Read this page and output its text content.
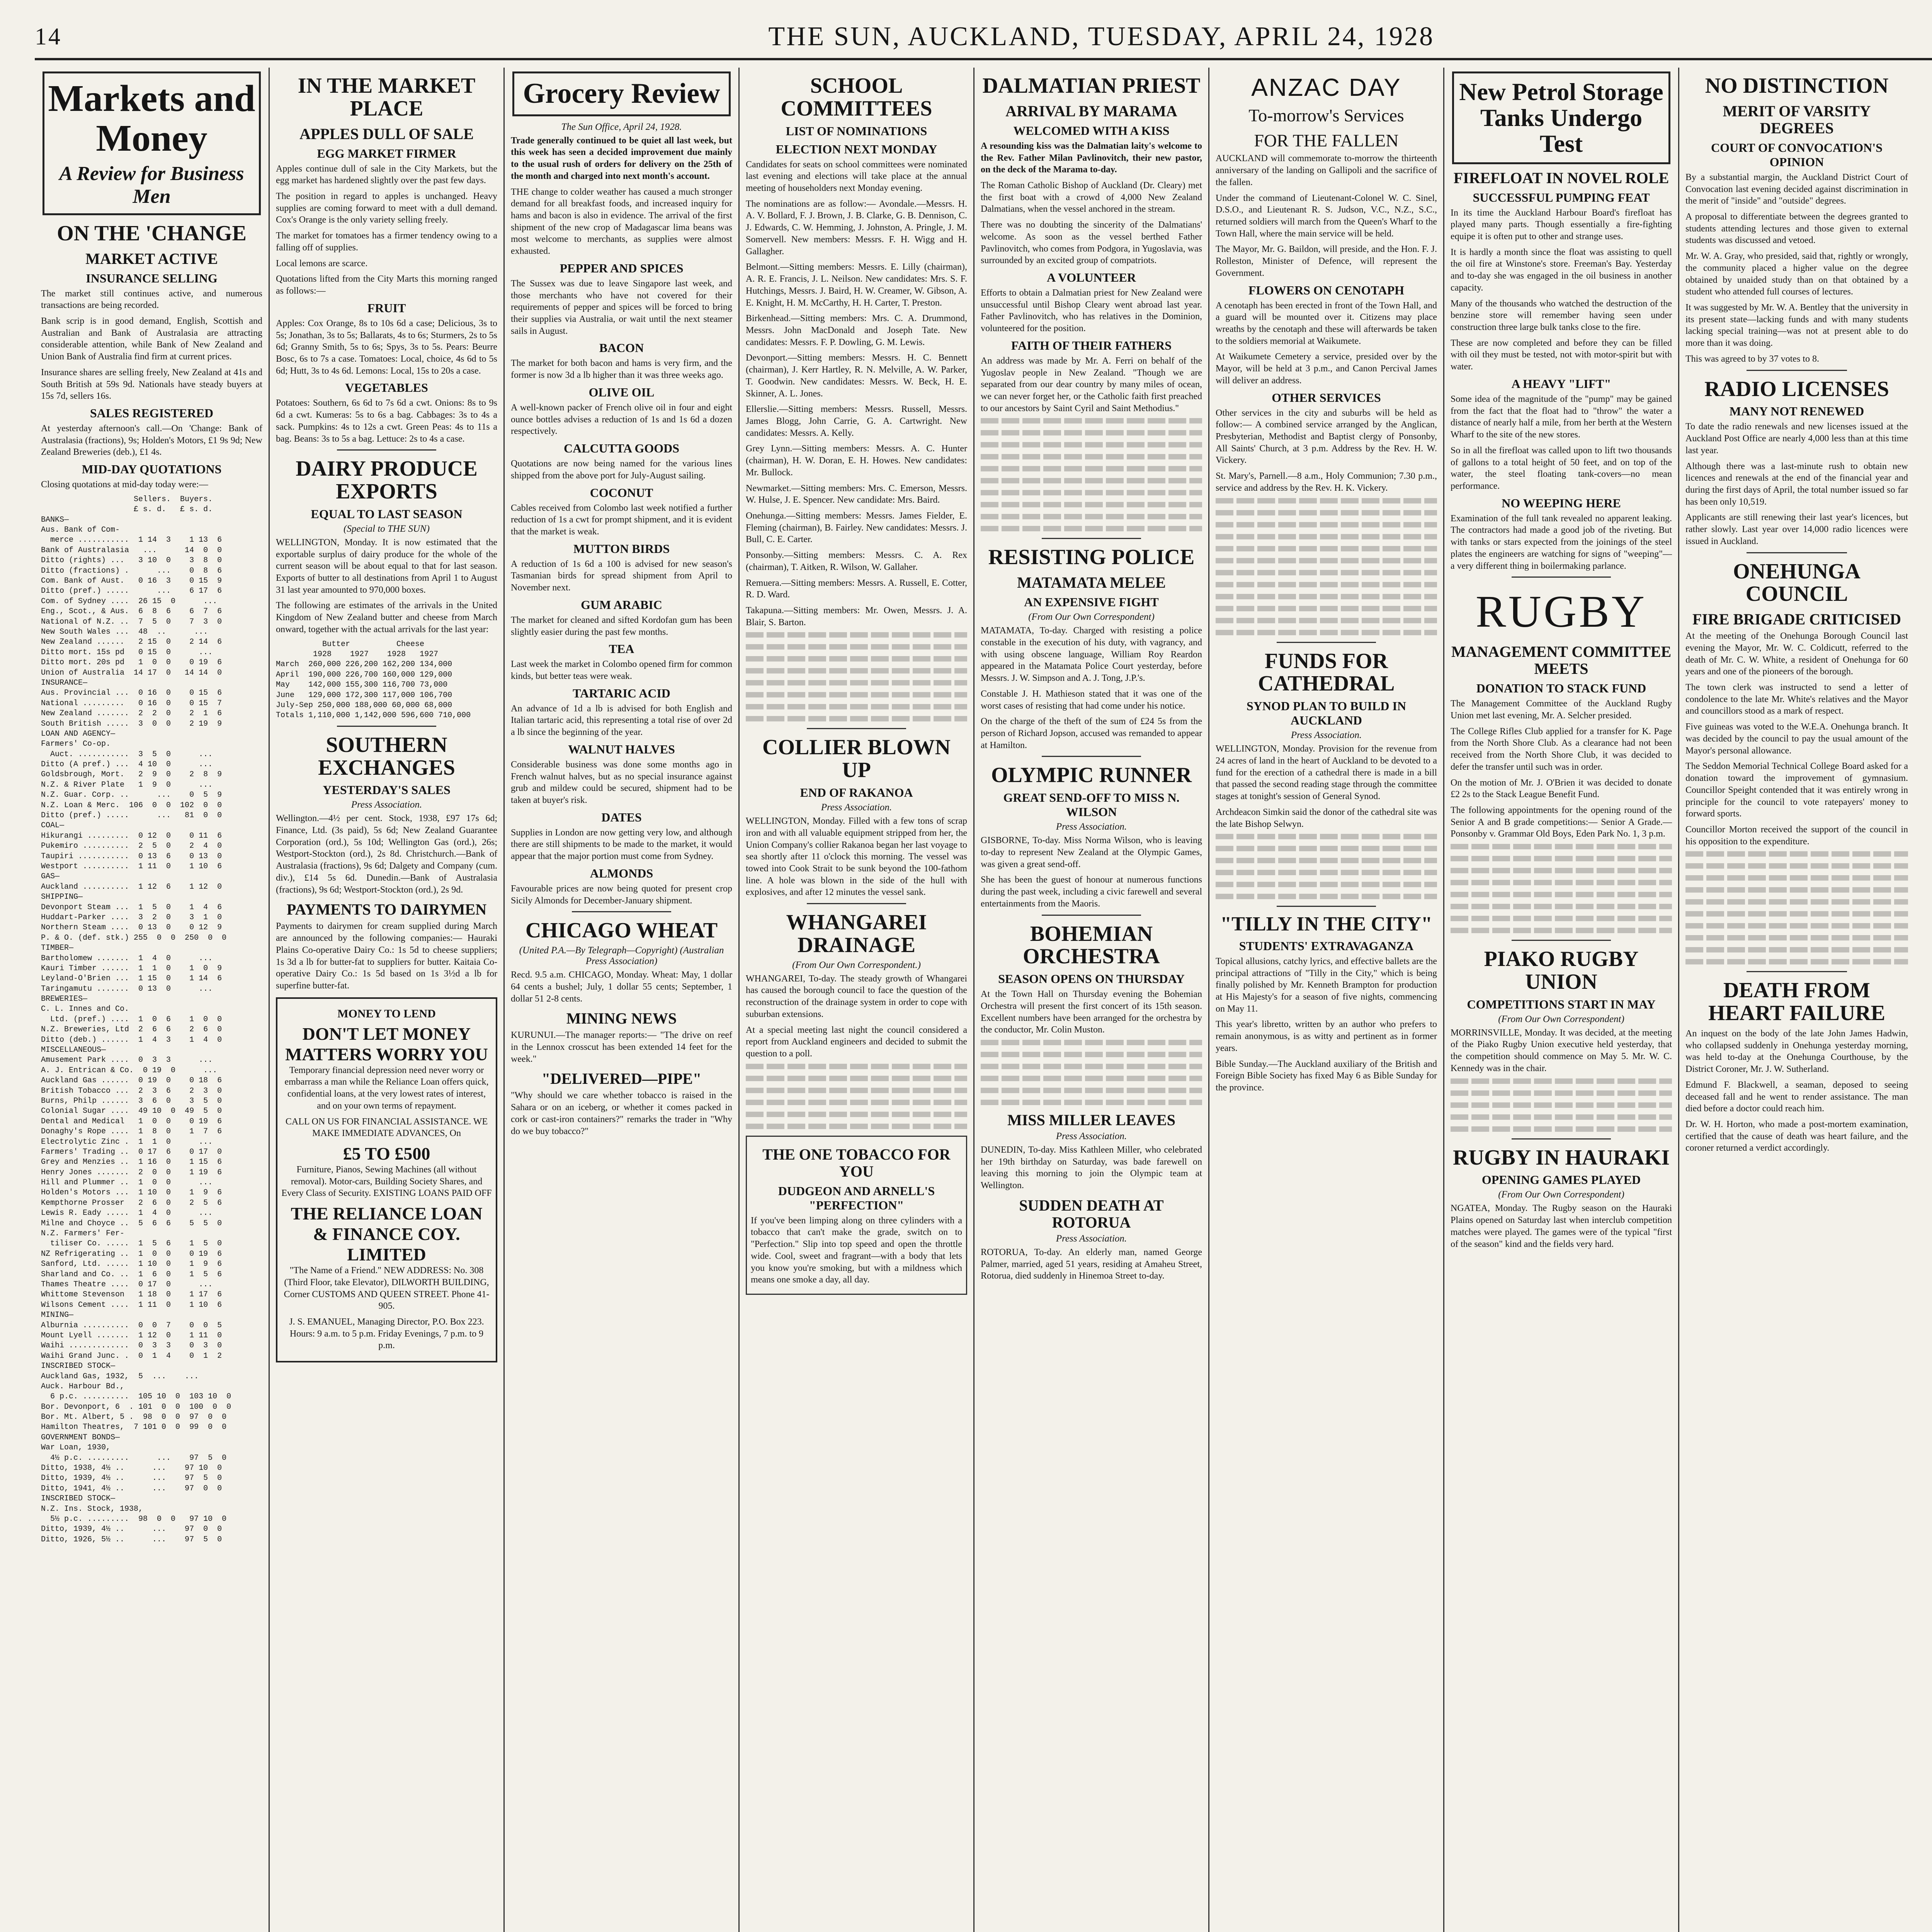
14	THE SUN, AUCKLAND, TUESDAY, APRIL 24, 1928

Markets and Money
A Review for Business Men
ON THE 'CHANGE
MARKET ACTIVE
INSURANCE SELLING

The market still continues active, and numerous transactions are being recorded.

Bank scrip is in good demand, English, Scottish and Australian and Bank of Australasia are attracting considerable attention, while Bank of New Zealand and Union Bank of Australia find firm at current prices.

Insurance shares are selling freely, New Zealand at 41s and South British at 59s 9d. Nationals have steady buyers at 15s 7d, sellers 16s.

SALES REGISTERED

At yesterday afternoon's call.—On 'Change: Bank of Australasia (fractions), 9s; Holden's Motors, £1 9s 9d; New Zealand Breweries (deb.), £1 4s.

MID-DAY QUOTATIONS

Closing quotations at mid-day today were:—

Sellers.  Buyers.
£ s. d.   £ s. d.
BANKS—
Aus. Bank of Com-
merce ...........  1 14  3    1 13  6
Bank of Australasia   ...      14  0  0
Ditto (rights) ...   3 10  0    3  8  0
Ditto (fractions) .      ...    0  8  6
Com. Bank of Aust.   0 16  3    0 15  9
Ditto (pref.) .....      ...    6 17  6
Com. of Sydney ....  26 15  0      ...
Eng., Scot., & Aus.  6  8  6    6  7  6
National of N.Z. ..  7  5  0    7  3  0
New South Wales ...  48  ..      ...
New Zealand ......   2 15  0    2 14  6
Ditto mort. 15s pd   0 15  0      ...
Ditto mort. 20s pd   1  0  0    0 19  6
Union of Australia  14 17  0   14 14  0
INSURANCE—
Aus. Provincial ...  0 16  0    0 15  6
National .........   0 16  0    0 15  7
New Zealand .......  2  2  0    2  1  6
South British .....  3  0  0    2 19  9
LOAN AND AGENCY—
Farmers' Co-op.
Auct. ...........  3  5  0      ...
Ditto (A pref.) ...  4 10  0      ...
Goldsbrough, Mort.   2  9  0    2  8  9
N.Z. & River Plate   1  9  0      ...
N.Z. Guar. Corp. ..      ...    0  5  9
N.Z. Loan & Merc.  106  0  0  102  0  0
Ditto (pref.) .....      ...   81  0  0
COAL—
Hikurangi .........  0 12  0    0 11  6
Pukemiro ..........  2  5  0    2  4  0
Taupiri ...........  0 13  6    0 13  0
Westport ..........  1 11  0    1 10  6
GAS—
Auckland ..........  1 12  6    1 12  0
SHIPPING—
Devonport Steam ...  1  5  0    1  4  6
Huddart-Parker ....  3  2  0    3  1  0
Northern Steam ....  0 13  0    0 12  9
P. & O. (def. stk.) 255  0  0  250  0  0
TIMBER—
Bartholomew .......  1  4  0      ...
Kauri Timber ......  1  1  0    1  0  9
Leyland-O'Brien ...  1 15  0    1 14  6
Taringamutu .......  0 13  0      ...
BREWERIES—
C. L. Innes and Co.
Ltd. (pref.) ....  1  0  6    1  0  0
N.Z. Breweries, Ltd  2  6  6    2  6  0
Ditto (deb.) ......  1  4  3    1  4  0
MISCELLANEOUS—
Amusement Park ....  0  3  3      ...
A. J. Entrican & Co.  0 19  0      ...
Auckland Gas ......  0 19  0    0 18  6
British Tobacco ...  2  3  6    2  3  0
Burns, Philp ......  3  6  0    3  5  0
Colonial Sugar ....  49 10  0  49  5  0
Dental and Medical   1  0  0    0 19  6
Donaghy's Rope ....  1  8  0    1  7  6
Electrolytic Zinc .  1  1  0      ...
Farmers' Trading ..  0 17  6    0 17  0
Grey and Menzies ..  1 16  0    1 15  6
Henry Jones .......  2  0  0    1 19  6
Hill and Plummer ..  1  0  0      ...
Holden's Motors ...  1 10  0    1  9  6
Kempthorne Prosser   2  6  0    2  5  6
Lewis R. Eady .....  1  4  0      ...
Milne and Choyce ..  5  6  6    5  5  0
N.Z. Farmers' Fer-
tiliser Co. .....  1  5  6    1  5  0
NZ Refrigerating ..  1  0  0    0 19  6
Sanford, Ltd. .....  1 10  0    1  9  6
Sharland and Co. ..  1  6  0    1  5  6
Thames Theatre ....  0 17  0      ...
Whittome Stevenson   1 18  0    1 17  6
Wilsons Cement ....  1 11  0    1 10  6
MINING—
Alburnia ..........  0  0  7    0  0  5
Mount Lyell .......  1 12  0    1 11  0
Waihi .............  0  3  3    0  3  0
Waihi Grand Junc. .  0  1  4    0  1  2
INSCRIBED STOCK—
Auckland Gas, 1932,  5  ...    ...
Auck. Harbour Bd.,
6 p.c. ..........  105 10  0  103 10  0
Bor. Devonport, 6  . 101  0  0  100  0  0
Bor. Mt. Albert, 5 .  98  0  0  97  0  0
Hamilton Theatres,  7 101 0  0  99  0  0
GOVERNMENT BONDS—
War Loan, 1930,
4½ p.c. .........      ...    97  5  0
Ditto, 1938, 4½ ..      ...    97 10  0
Ditto, 1939, 4½ ..      ...    97  5  0
Ditto, 1941, 4½ ..      ...    97  0  0
INSCRIBED STOCK—
N.Z. Ins. Stock, 1938,
5½ p.c. .........  98  0  0   97 10  0
Ditto, 1939, 4½ ..      ...    97  0  0
Ditto, 1926, 5½ ..      ...    97  5  0
IN THE MARKET PLACE
APPLES DULL OF SALE
EGG MARKET FIRMER

Apples continue dull of sale in the City Markets, but the egg market has hardened slightly over the past few days.

The position in regard to apples is unchanged. Heavy supplies are coming forward to meet with a dull demand. Cox's Orange is the only variety selling freely.

The market for tomatoes has a firmer tendency owing to a falling off of supplies.

Local lemons are scarce.

Quotations lifted from the City Marts this morning ranged as follows:—

FRUIT

Apples: Cox Orange, 8s to 10s 6d a case; Delicious, 3s to 5s; Jonathan, 3s to 5s; Ballarats, 4s to 6s; Sturmers, 2s to 5s 6d; Granny Smith, 5s to 6s; Spys, 3s to 5s. Pears: Beurre Bosc, 6s to 7s a case. Tomatoes: Local, choice, 4s 6d to 5s 6d; Hutt, 3s to 4s 6d. Lemons: Local, 15s to 20s a case.

VEGETABLES

Potatoes: Southern, 6s 6d to 7s 6d a cwt. Onions: 8s to 9s 6d a cwt. Kumeras: 5s to 6s a bag. Cabbages: 3s to 4s a sack. Pumpkins: 4s to 12s a cwt. Green Peas: 4s to 11s a bag. Beans: 3s to 5s a bag. Lettuce: 2s to 4s a case.

DAIRY PRODUCE EXPORTS
EQUAL TO LAST SEASON
(Special to THE SUN)

WELLINGTON, Monday. It is now estimated that the exportable surplus of dairy produce for the whole of the current season will be about equal to that for last season. Exports of butter to all destinations from April 1 to August 31 last year amounted to 970,000 boxes.

The following are estimates of the arrivals in the United Kingdom of New Zealand butter and cheese from March onward, together with the actual arrivals for the last year:

Butter          Cheese
1928    1927    1928   1927
March  260,000 226,200 162,200 134,000
April  190,000 226,700 160,000 129,000
May    142,000 155,300 116,700 73,000
June   129,000 172,300 117,000 106,700
July-Sep 250,000 188,000 60,000 68,000
Totals 1,110,000 1,142,000 596,600 710,000
SOUTHERN EXCHANGES
YESTERDAY'S SALES
Press Association.

Wellington.—4½ per cent. Stock, 1938, £97 17s 6d; Finance, Ltd. (3s paid), 5s 6d; New Zealand Guarantee Corporation (ord.), 5s 10d; Wellington Gas (ord.), 26s; Westport-Stockton (ord.), 2s 8d. Christchurch.—Bank of Australasia (fractions), 9s 6d; Dalgety and Company (cum. div.), £14 5s 6d. Dunedin.—Bank of Australasia (fractions), 9s 6d; Westport-Stockton (ord.), 2s 9d.

PAYMENTS TO DAIRYMEN

Payments to dairymen for cream supplied during March are announced by the following companies:— Hauraki Plains Co-operative Dairy Co.: 1s 5d to cheese suppliers; 1s 3d a lb for butter-fat to suppliers for butter. Kaitaia Co-operative Dairy Co.: 1s 5d based on 1s 3½d a lb for superfine butter-fat.

MONEY TO LEND
DON'T LET MONEY MATTERS WORRY YOU

Temporary financial depression need never worry or embarrass a man while the Reliance Loan offers quick, confidential loans, at the very lowest rates of interest, and on your own terms of repayment.

CALL ON US FOR FINANCIAL ASSISTANCE. WE MAKE IMMEDIATE ADVANCES, On

£5 TO £500

Furniture, Pianos, Sewing Machines (all without removal). Motor-cars, Building Society Shares, and Every Class of Security. EXISTING LOANS PAID OFF

THE RELIANCE LOAN & FINANCE COY. LIMITED

"The Name of a Friend." NEW ADDRESS: No. 308 (Third Floor, take Elevator), DILWORTH BUILDING, Corner CUSTOMS AND QUEEN STREET. Phone 41-905.

J. S. EMANUEL, Managing Director, P.O. Box 223. Hours: 9 a.m. to 5 p.m. Friday Evenings, 7 p.m. to 9 p.m.

Grocery Review
The Sun Office, April 24, 1928.

Trade generally continued to be quiet all last week, but this week has seen a decided improvement due mainly to the usual rush of orders for delivery on the 25th of the month and charged into next month's account.

THE change to colder weather has caused a much stronger demand for all breakfast foods, and increased inquiry for hams and bacon is also in evidence. The arrival of the first shipment of the new crop of Madagascar lima beans was most welcome to merchants, as supplies were almost exhausted.

PEPPER AND SPICES

The Sussex was due to leave Singapore last week, and those merchants who have not covered for their requirements of pepper and spices will be forced to bring their supplies via Australia, or wait until the next steamer sails in August.

BACON

The market for both bacon and hams is very firm, and the former is now 3d a lb higher than it was three weeks ago.

OLIVE OIL

A well-known packer of French olive oil in four and eight ounce bottles advises a reduction of 1s and 1s 6d a dozen respectively.

CALCUTTA GOODS

Quotations are now being named for the various lines shipped from the above port for July-August sailing.

COCONUT

Cables received from Colombo last week notified a further reduction of 1s a cwt for prompt shipment, and it is evident that the market is weak.

MUTTON BIRDS

A reduction of 1s 6d a 100 is advised for new season's Tasmanian birds for spread shipment from April to November next.

GUM ARABIC

The market for cleaned and sifted Kordofan gum has been slightly easier during the past few months.

TEA

Last week the market in Colombo opened firm for common kinds, but better teas were weak.

TARTARIC ACID

An advance of 1d a lb is advised for both English and Italian tartaric acid, this representing a total rise of over 2d a lb since the beginning of the year.

WALNUT HALVES

Considerable business was done some months ago in French walnut halves, but as no special insurance against grub and mildew could be secured, shipment had to be taken at buyer's risk.

DATES

Supplies in London are now getting very low, and although there are still shipments to be made to the market, it would appear that the major portion must come from Sydney.

ALMONDS

Favourable prices are now being quoted for present crop Sicily Almonds for December-January shipment.

CHICAGO WHEAT
(United P.A.—By Telegraph—Copyright) (Australian Press Association)

Recd. 9.5 a.m. CHICAGO, Monday. Wheat: May, 1 dollar 64 cents a bushel; July, 1 dollar 55 cents; September, 1 dollar 51 2-8 cents.

MINING NEWS

KURUNUI.—The manager reports:— "The drive on reef in the Lennox crosscut has been extended 14 feet for the week."

"DELIVERED—PIPE"

"Why should we care whether tobacco is raised in the Sahara or on an iceberg, or whether it comes packed in cork or cast-iron containers?" remarks the trader in "Why do we buy tobacco?"

SCHOOL COMMITTEES
LIST OF NOMINATIONS
ELECTION NEXT MONDAY

Candidates for seats on school committees were nominated last evening and elections will take place at the annual meeting of householders next Monday evening.

The nominations are as follow:— Avondale.—Messrs. H. A. V. Bollard, F. J. Brown, J. B. Clarke, G. B. Dennison, C. J. Edwards, C. W. Hemming, J. Johnston, A. Pringle, J. M. Somervell. New members: Messrs. F. H. Wigg and H. Gallagher.

Belmont.—Sitting members: Messrs. E. Lilly (chairman), A. R. E. Francis, J. L. Neilson. New candidates: Mrs. S. F. Hutchings, Messrs. J. Baird, H. W. Creamer, W. Gibson, A. E. Knight, H. M. McCarthy, H. H. Carter, T. Preston.

Birkenhead.—Sitting members: Mrs. C. A. Drummond, Messrs. John MacDonald and Joseph Tate. New candidates: Messrs. F. P. Dowling, G. M. Lewis.

Devonport.—Sitting members: Messrs. H. C. Bennett (chairman), J. Kerr Hartley, R. N. Melville, A. W. Parker, T. Goodwin. New candidates: Messrs. W. Beck, H. E. Skinner, A. L. Jones.

Ellerslie.—Sitting members: Messrs. Russell, Messrs. James Blogg, John Carrie, G. A. Cartwright. New candidates: Messrs. A. Kelly.

Grey Lynn.—Sitting members: Messrs. A. C. Hunter (chairman), H. W. Doran, E. H. Howes. New candidates: Mr. Bullock.

Newmarket.—Sitting members: Mrs. C. Emerson, Messrs. W. Hulse, J. E. Spencer. New candidate: Mrs. Baird.

Onehunga.—Sitting members: Messrs. James Fielder, E. Fleming (chairman), B. Fairley. New candidates: Messrs. J. Bull, C. E. Carter.

Ponsonby.—Sitting members: Messrs. C. A. Rex (chairman), T. Aitken, R. Wilson, W. Gallaher.

Remuera.—Sitting members: Messrs. A. Russell, E. Cotter, R. D. Ward.

Takapuna.—Sitting members: Mr. Owen, Messrs. J. A. Blair, S. Barton.

COLLIER BLOWN UP
END OF RAKANOA
Press Association.

WELLINGTON, Monday. Filled with a few tons of scrap iron and with all valuable equipment stripped from her, the Union Company's collier Rakanoa began her last voyage to sea shortly after 11 o'clock this morning. The vessel was towed into Cook Strait to be sunk beyond the 100-fathom line. A hole was blown in the side of the hull with explosives, and after 12 minutes the vessel sank.

WHANGAREI DRAINAGE
(From Our Own Correspondent.)

WHANGAREI, To-day. The steady growth of Whangarei has caused the borough council to face the question of the reconstruction of the drainage system in order to cope with suburban extensions.

At a special meeting last night the council considered a report from Auckland engineers and decided to submit the question to a poll.

THE ONE TOBACCO FOR YOU
DUDGEON AND ARNELL'S "PERFECTION"

If you've been limping along on three cylinders with a tobacco that can't make the grade, switch on to "Perfection." Slip into top speed and open the throttle wide. Cool, sweet and fragrant—with a body that lets you know you're smoking, but with a mildness which means one smoke a day, all day.

DALMATIAN PRIEST
ARRIVAL BY MARAMA
WELCOMED WITH A KISS

A resounding kiss was the Dalmatian laity's welcome to the Rev. Father Milan Pavlinovitch, their new pastor, on the deck of the Marama to-day.

The Roman Catholic Bishop of Auckland (Dr. Cleary) met the first boat with a crowd of 4,000 New Zealand Dalmatians, when the vessel anchored in the stream.

There was no doubting the sincerity of the Dalmatians' welcome. As soon as the vessel berthed Father Pavlinovitch, who comes from Podgora, in Yugoslavia, was surrounded by an excited group of compatriots.

A VOLUNTEER

Efforts to obtain a Dalmatian priest for New Zealand were unsuccessful until Bishop Cleary went abroad last year. Father Pavlinovitch, who has relatives in the Dominion, volunteered for the position.

FAITH OF THEIR FATHERS

An address was made by Mr. A. Ferri on behalf of the Yugoslav people in New Zealand. "Though we are separated from our dear country by many miles of ocean, we can never forget her, or the Catholic faith first preached to our ancestors by Saint Cyril and Saint Methodius."

RESISTING POLICE
MATAMATA MELEE
AN EXPENSIVE FIGHT
(From Our Own Correspondent)

MATAMATA, To-day. Charged with resisting a police constable in the execution of his duty, with vagrancy, and with using obscene language, William Roy Reardon appeared in the Matamata Police Court yesterday, before Messrs. J. W. Simpson and A. J. Tong, J.P.'s.

Constable J. H. Mathieson stated that it was one of the worst cases of resisting that had come under his notice.

On the charge of the theft of the sum of £24 5s from the person of Richard Jopson, accused was remanded to appear at Hamilton.

OLYMPIC RUNNER
GREAT SEND-OFF TO MISS N. WILSON
Press Association.

GISBORNE, To-day. Miss Norma Wilson, who is leaving to-day to represent New Zealand at the Olympic Games, was given a great send-off.

She has been the guest of honour at numerous functions during the past week, including a civic farewell and several entertainments from the Maoris.

BOHEMIAN ORCHESTRA
SEASON OPENS ON THURSDAY

At the Town Hall on Thursday evening the Bohemian Orchestra will present the first concert of its 15th season. Excellent numbers have been arranged for the orchestra by the conductor, Mr. Colin Muston.

MISS MILLER LEAVES
Press Association.

DUNEDIN, To-day. Miss Kathleen Miller, who celebrated her 19th birthday on Saturday, was bade farewell on leaving this morning to join the Olympic team at Wellington.

SUDDEN DEATH AT ROTORUA
Press Association.

ROTORUA, To-day. An elderly man, named George Palmer, married, aged 51 years, residing at Amaheu Street, Rotorua, died suddenly in Hinemoa Street to-day.

ANZAC DAY
To-morrow's Services
FOR THE FALLEN

AUCKLAND will commemorate to-morrow the thirteenth anniversary of the landing on Gallipoli and the sacrifice of the fallen.

Under the command of Lieutenant-Colonel W. C. Sinel, D.S.O., and Lieutenant R. S. Judson, V.C., N.Z., S.C., returned soldiers will march from the Queen's Wharf to the Town Hall, where the main service will be held.

The Mayor, Mr. G. Baildon, will preside, and the Hon. F. J. Rolleston, Minister of Defence, will represent the Government.

FLOWERS ON CENOTAPH

A cenotaph has been erected in front of the Town Hall, and a guard will be mounted over it. Citizens may place wreaths by the cenotaph and these will afterwards be taken to the soldiers memorial at Waikumete.

At Waikumete Cemetery a service, presided over by the Mayor, will be held at 3 p.m., and Canon Percival James will deliver an address.

OTHER SERVICES

Other services in the city and suburbs will be held as follow:— A combined service arranged by the Anglican, Presbyterian, Methodist and Baptist clergy of Ponsonby, All Saints' Church, at 3 p.m. Address by the Rev. H. W. Vickery.

St. Mary's, Parnell.—8 a.m., Holy Communion; 7.30 p.m., service and address by the Rev. H. K. Vickery.

FUNDS FOR CATHEDRAL
SYNOD PLAN TO BUILD IN AUCKLAND
Press Association.

WELLINGTON, Monday. Provision for the revenue from 24 acres of land in the heart of Auckland to be devoted to a fund for the erection of a cathedral there is made in a bill that passed the second reading stage through the committee stages at tonight's session of General Synod.

Archdeacon Simkin said the donor of the cathedral site was the late Bishop Selwyn.

"TILLY IN THE CITY"
STUDENTS' EXTRAVAGANZA

Topical allusions, catchy lyrics, and effective ballets are the principal attractions of "Tilly in the City," which is being finally polished by Mr. Kenneth Brampton for production at His Majesty's for a season of five nights, commencing on May 11.

This year's libretto, written by an author who prefers to remain anonymous, is as witty and pertinent as in former years.

Bible Sunday.—The Auckland auxiliary of the British and Foreign Bible Society has fixed May 6 as Bible Sunday for the province.

New Petrol Storage Tanks Undergo Test
FIREFLOAT IN NOVEL ROLE
SUCCESSFUL PUMPING FEAT

In its time the Auckland Harbour Board's firefloat has played many parts. Though essentially a fire-fighting equipe it is often put to other and strange uses.

It is hardly a month since the float was assisting to quell the oil fire at Winstone's store. Freeman's Bay. Yesterday and to-day she was engaged in the oil business in another capacity.

Many of the thousands who watched the destruction of the benzine store will remember having seen under construction three large bulk tanks close to the fire.

These are now completed and before they can be filled with oil they must be tested, not with motor-spirit but with water.

A HEAVY "LIFT"

Some idea of the magnitude of the "pump" may be gained from the fact that the float had to "throw" the water a distance of nearly half a mile, from her berth at the Western Wharf to the site of the new stores.

So in all the firefloat was called upon to lift two thousands of gallons to a total height of 50 feet, and on top of the water, the steel floating tank-covers—no mean performance.

NO WEEPING HERE

Examination of the full tank revealed no apparent leaking. The contractors had made a good job of the riveting. But with tanks or stars expected from the joinings of the steel plates the engineers are watching for signs of "weeping"—a very different thing in boilermaking parlance.

RUGBY
MANAGEMENT COMMITTEE MEETS
DONATION TO STACK FUND

The Management Committee of the Auckland Rugby Union met last evening, Mr. A. Selcher presided.

The College Rifles Club applied for a transfer for K. Page from the North Shore Club. As a clearance had not been received from the North Shore Club, it was decided to defer the transfer until such was in order.

On the motion of Mr. J. O'Brien it was decided to donate £2 2s to the Stack League Benefit Fund.

The following appointments for the opening round of the Senior A and B grade competitions:— Senior A Grade.—Ponsonby v. Grammar Old Boys, Eden Park No. 1, 3 p.m.

PIAKO RUGBY UNION
COMPETITIONS START IN MAY
(From Our Own Correspondent)

MORRINSVILLE, Monday. It was decided, at the meeting of the Piako Rugby Union executive held yesterday, that the competition should commence on May 5. Mr. W. C. Kennedy was in the chair.

RUGBY IN HAURAKI
OPENING GAMES PLAYED
(From Our Own Correspondent)

NGATEA, Monday. The Rugby season on the Hauraki Plains opened on Saturday last when interclub competition matches were played. The games were of the typical "first of the season" kind and the fields very hard.

NO DISTINCTION
MERIT OF VARSITY DEGREES
COURT OF CONVOCATION'S OPINION

By a substantial margin, the Auckland District Court of Convocation last evening decided against discrimination in the merit of "inside" and "outside" degrees.

A proposal to differentiate between the degrees granted to students attending lectures and those given to external students was discussed and vetoed.

Mr. W. A. Gray, who presided, said that, rightly or wrongly, the community placed a higher value on the degree obtained by unaided study than on that obtained by a student who attended full courses of lectures.

It was suggested by Mr. W. A. Bentley that the university in its present state—lacking funds and with many students lacking special training—was not at present able to do more than it was doing.

This was agreed to by 37 votes to 8.

RADIO LICENSES
MANY NOT RENEWED

To date the radio renewals and new licenses issued at the Auckland Post Office are nearly 4,000 less than at this time last year.

Although there was a last-minute rush to obtain new licences and renewals at the end of the financial year and during the first days of April, the total number issued so far has been only 10,519.

Applicants are still renewing their last year's licences, but rather slowly. Last year over 14,000 radio licences were issued in Auckland.

ONEHUNGA COUNCIL
FIRE BRIGADE CRITICISED

At the meeting of the Onehunga Borough Council last evening the Mayor, Mr. W. C. Coldicutt, referred to the death of Mr. C. W. White, a resident of Onehunga for 60 years and one of the pioneers of the borough.

The town clerk was instructed to send a letter of condolence to the late Mr. White's relatives and the Mayor and councillors stood as a mark of respect.

Five guineas was voted to the W.E.A. Onehunga branch. It was decided by the council to pay the usual amount of the Mayor's personal allowance.

The Seddon Memorial Technical College Board asked for a donation toward the improvement of gymnasium. Councillor Speight contended that it was entirely wrong in principle for the council to vote ratepayers' money to forward sports.

Councillor Morton received the support of the council in his opposition to the expenditure.

DEATH FROM HEART FAILURE

An inquest on the body of the late John James Hadwin, who collapsed suddenly in Onehunga yesterday morning, was held to-day at the Onehunga Courthouse, by the District Coroner, Mr. J. W. Sutherland.

Edmund F. Blackwell, a seaman, deposed to seeing deceased fall and he went to render assistance. The man died before a doctor could reach him.

Dr. W. H. Horton, who made a post-mortem examination, certified that the cause of death was heart failure, and the coroner returned a verdict accordingly.
